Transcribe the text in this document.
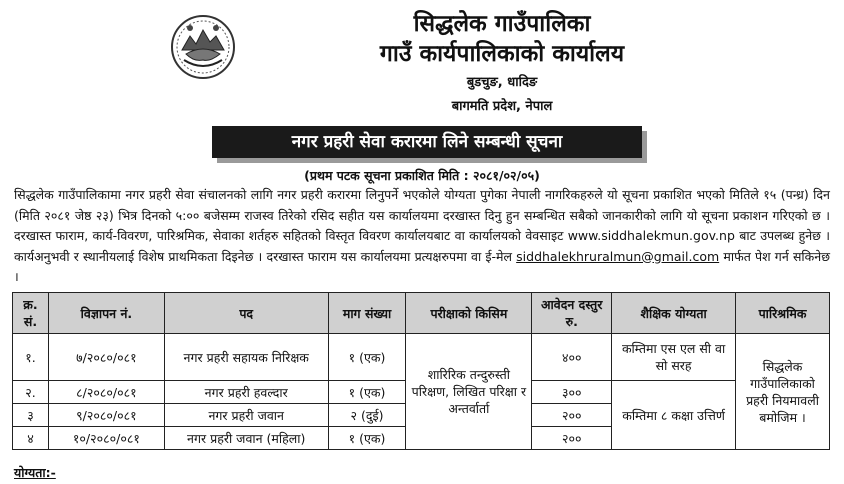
सिद्धलेक गाउँपालिका
गाउँ कार्यपालिकाको कार्यालय
बुडचुङ, धादिङ
बागमति प्रदेश, नेपाल
नगर प्रहरी सेवा करारमा लिने सम्बन्धी सूचना
(प्रथम पटक सूचना प्रकाशित मिति : २०८१/०२/०५)
सिद्धलेक गाउँपालिकामा नगर प्रहरी सेवा संचालनको लागि नगर प्रहरी करारमा लिनुपर्ने भएकोले योग्यता पुगेका नेपाली नागरिकहरुले यो सूचना प्रकाशित भएको मितिले १५ (पन्ध्र) दिन (मिति २०८१ जेष्ठ २३) भित्र दिनको ५:०० बजेसम्म राजस्व तिरेको रसिद सहीत यस कार्यालयमा दरखास्त दिनु हुन सम्बन्धित सबैको जानकारीको लागि यो सूचना प्रकाशन गरिएको छ । दरखास्त फाराम, कार्य-विवरण, पारिश्रमिक, सेवाका शर्तहरु सहितको विस्तृत विवरण कार्यालयबाट वा कार्यालयको वेवसाइट www.siddhalekmun.gov.np बाट उपलब्ध हुनेछ । कार्यअनुभवी र स्थानीयलाई विशेष प्राथमिकता दिइनेछ । दरखास्त फाराम यस कार्यालयमा प्रत्यक्षरुपमा वा ई-मेल siddhalekhruralmun@gmail.com मार्फत पेश गर्न सकिनेछ ।
क्र. सं.	विज्ञापन नं.	पद	माग संख्या	परीक्षाको किसिम	आवेदन दस्तुर रु.	शैक्षिक योग्यता	पारिश्रमिक
१.	७/२०८०/०८१	नगर प्रहरी सहायक निरिक्षक	१ (एक)	शारिरिक तन्दुरुस्ती परिक्षण, लिखित परिक्षा र अन्तर्वार्ता	४००	कम्तिमा एस एल सी वा सो सरह	सिद्धलेक गाउँपालिकाको प्रहरी नियमावली बमोजिम ।
२.	८/२०८०/०८१	नगर प्रहरी हवल्दार	१ (एक)		३००	कम्तिमा ८ कक्षा उत्तिर्ण	
३	९/२०८०/०८१	नगर प्रहरी जवान	२ (दुई)		२००		
४	१०/२०८०/०८१	नगर प्रहरी जवान (महिला)	१ (एक)		२००		
योग्यता:-
